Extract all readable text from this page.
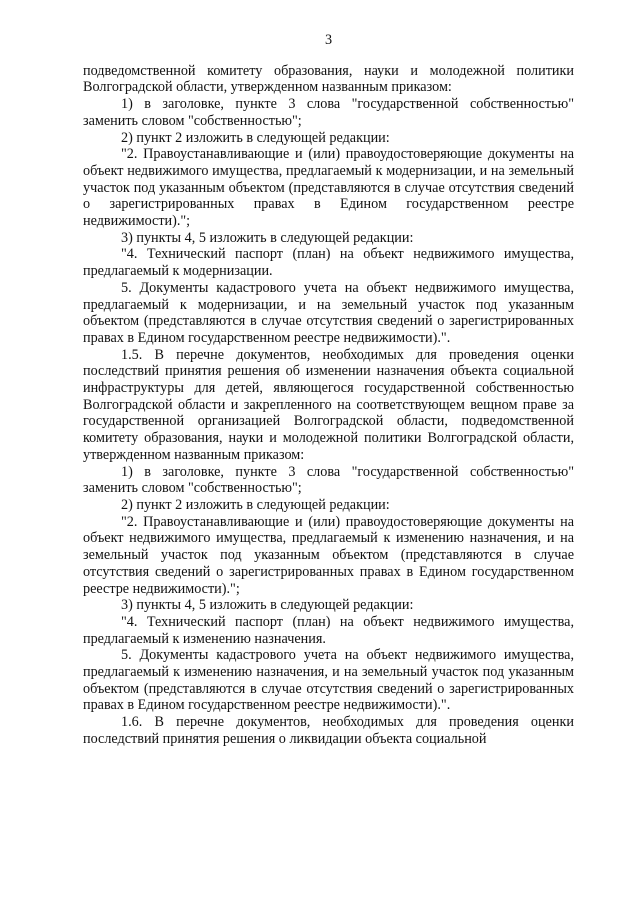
3

подведомственной комитету образования, науки и молодежной политики Волгоградской области, утвержденном названным приказом:

1) в заголовке, пункте 3 слова "государственной собственностью" заменить словом "собственностью";

2) пункт 2 изложить в следующей редакции:

"2. Правоустанавливающие и (или) правоудостоверяющие документы на объект недвижимого имущества, предлагаемый к модернизации, и на земельный участок под указанным объектом (представляются в случае отсутствия сведений о зарегистрированных правах в Едином государственном реестре недвижимости).";

3) пункты 4, 5 изложить в следующей редакции:

"4. Технический паспорт (план) на объект недвижимого имущества, предлагаемый к модернизации.

5. Документы кадастрового учета на объект недвижимого имущества, предлагаемый к модернизации, и на земельный участок под указанным объектом (представляются в случае отсутствия сведений о зарегистрированных правах в Едином государственном реестре недвижимости).".

1.5. В перечне документов, необходимых для проведения оценки последствий принятия решения об изменении назначения объекта социальной инфраструктуры для детей, являющегося государственной собственностью Волгоградской области и закрепленного на соответствующем вещном праве за государственной организацией Волгоградской области, подведомственной комитету образования, науки и молодежной политики Волгоградской области, утвержденном названным приказом:

1) в заголовке, пункте 3 слова "государственной собственностью" заменить словом "собственностью";

2) пункт 2 изложить в следующей редакции:

"2. Правоустанавливающие и (или) правоудостоверяющие документы на объект недвижимого имущества, предлагаемый к изменению назначения, и на земельный участок под указанным объектом (представляются в случае отсутствия сведений о зарегистрированных правах в Едином государственном реестре недвижимости).";

3) пункты 4, 5 изложить в следующей редакции:

"4. Технический паспорт (план) на объект недвижимого имущества, предлагаемый к изменению назначения.

5. Документы кадастрового учета на объект недвижимого имущества, предлагаемый к изменению назначения, и на земельный участок под указанным объектом (представляются в случае отсутствия сведений о зарегистрированных правах в Едином государственном реестре недвижимости).".

1.6. В перечне документов, необходимых для проведения оценки последствий принятия решения о ликвидации объекта социальной
